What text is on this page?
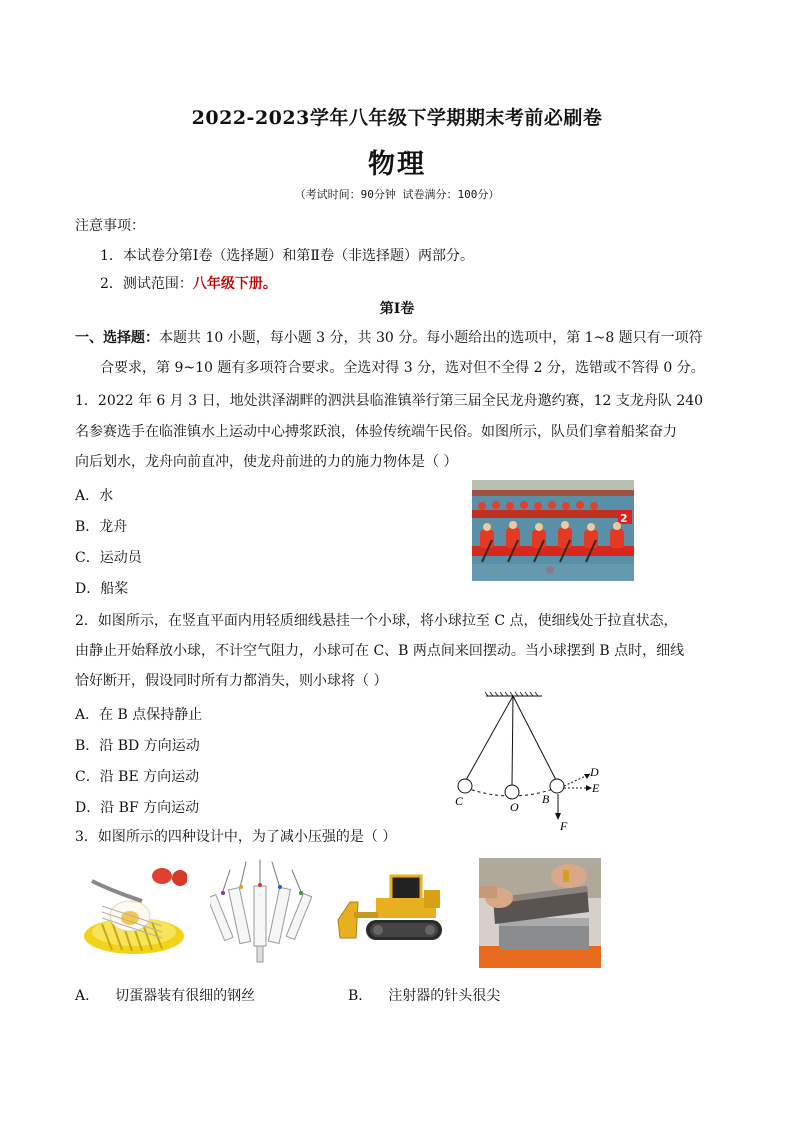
2022-2023学年八年级下学期期末考前必刷卷
物理
（考试时间：90分钟 试卷满分：100分）
注意事项：
1．本试卷分第Ⅰ卷（选择题）和第Ⅱ卷（非选择题）两部分。
2．测试范围：八年级下册。
第Ⅰ卷
一、选择题：本题共 10 小题，每小题 3 分，共 30 分。每小题给出的选项中，第 1~8 题只有一项符
合要求，第 9~10 题有多项符合要求。全选对得 3 分，选对但不全得 2 分，选错或不答得 0 分。
1．2022 年 6 月 3 日，地处洪泽湖畔的泗洪县临淮镇举行第三届全民龙舟邀约赛，12 支龙舟队 240
名参赛选手在临淮镇水上运动中心搏浆跃浪，体验传统端午民俗。如图所示，队员们拿着船桨奋力
向后划水，龙舟向前直冲，使龙舟前进的力的施力物体是（ ）
A．水
B．龙舟
C．运动员
D．船桨
2
2．如图所示，在竖直平面内用轻质细线悬挂一个小球，将小球拉至 C 点，使细线处于拉直状态，
由静止开始释放小球，不计空气阻力，小球可在 C、B 两点间来回摆动。当小球摆到 B 点时，细线
恰好断开，假设同时所有力都消失，则小球将（ ）
A．在 B 点保持静止
B．沿 BD 方向运动
C．沿 BE 方向运动
D．沿 BF 方向运动	C	O
B
D
E
F
3．如图所示的四种设计中，为了减小压强的是（ ）
A． 切蛋器装有很细的钢丝	B． 注射器的针头很尖
